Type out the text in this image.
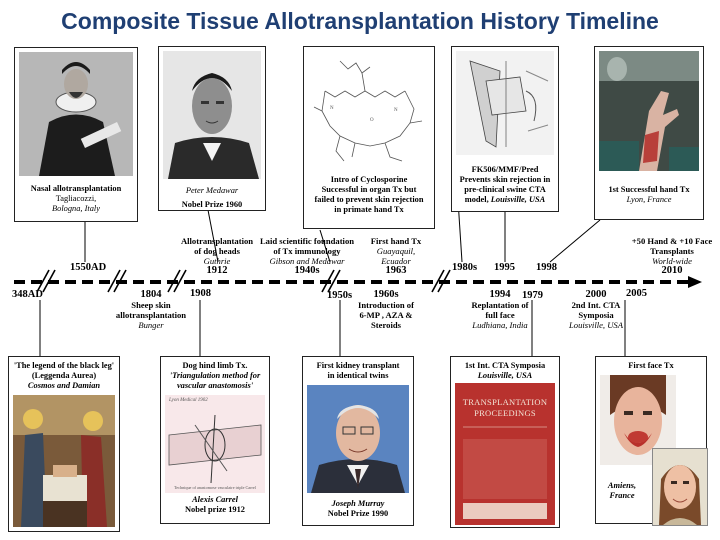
Composite Tissue Allotransplantation History Timeline
Nasal allotransplantation
Tagliacozzi,
Bologna, Italy
Peter Medawar
Nobel Prize 1960
N
O
N
Intro of Cyclosporine
Successful in organ Tx but
failed to prevent skin rejection
in primate hand Tx
FK506/MMF/Pred
Prevents skin rejection in
pre-clinical swine CTA
model, Louisville, USA
1st Successful hand Tx
Lyon, France
Allotransplantation
of dog heads
Guthrie
1912
Laid scientific foundation
of Tx immunology
Gibson and Medawar
1940s
First hand Tx
Guayaquil,
Ecuador
1963
+50 Hand & +10 Face
Transplants
World-wide
2010
1550AD	1980s 1995 1998
348AD	1908	1950s	1979	2005
1804
Sheep skin
allotransplantation
Bunger
1960s
Introduction of
6-MP , AZA &
Steroids
1994
Replantation of
full face
Ludhiana, India
2000
2nd Int. CTA
Symposia
Louisville, USA
'The legend of the black leg'
(Leggenda Aurea)
Cosmos and Damian
Dog hind limb Tx.
'Triangulation method for
vascular anastomosis'
Lyon Medical 1902
Technique of anastomose vasculaire triple Carrel
Alexis Carrel
Nobel prize 1912
First kidney transplant
in identical twins
Joseph Murray
Nobel Prize 1990
1st Int. CTA Symposia
Louisville, USA
TRANSPLANTATION PROCEEDINGS
First face Tx
Amiens,
France
